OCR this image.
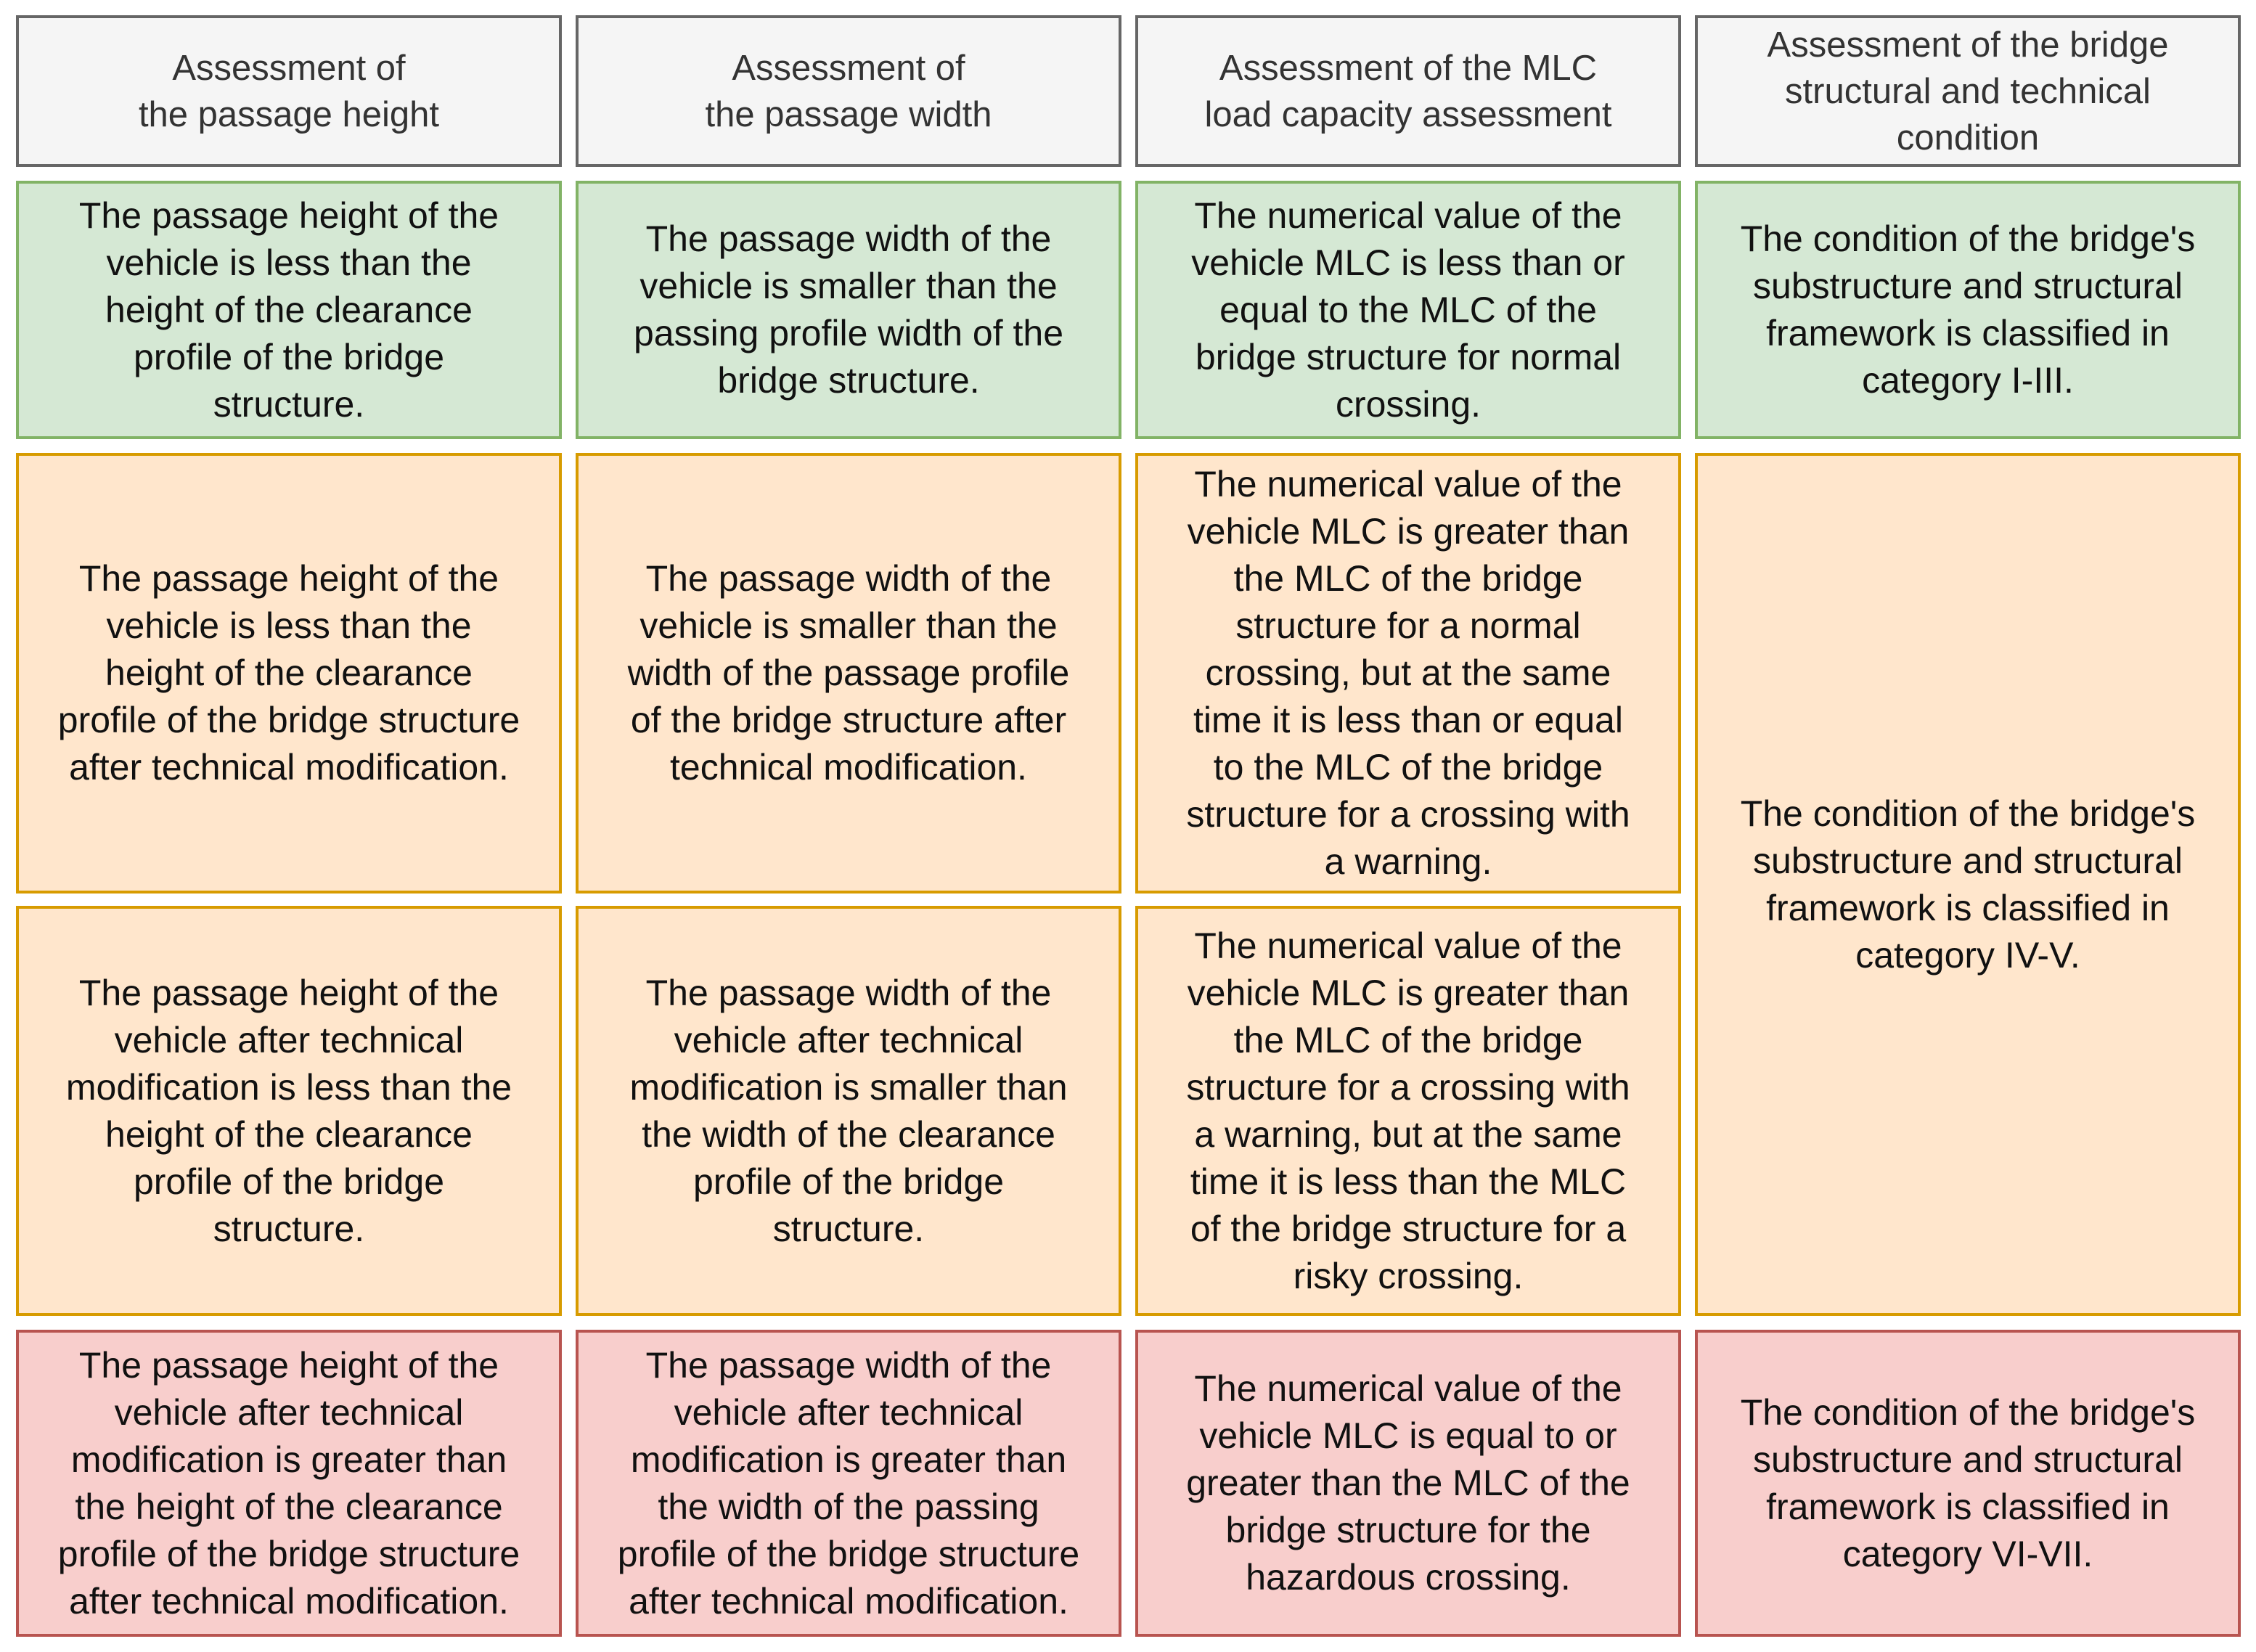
Assessment of
the passage height
Assessment of
the passage width
Assessment of the MLC
load capacity assessment
Assessment of the bridge
structural and technical
condition
The passage height of the
vehicle is less than the
height of the clearance
profile of the bridge
structure.
The passage width of the
vehicle is smaller than the
passing profile width of the
bridge structure.
The numerical value of the
vehicle MLC is less than or
equal to the MLC of the
bridge structure for normal
crossing.
The condition of the bridge's
substructure and structural
framework is classified in
category I-III.
The passage height of the
vehicle is less than the
height of the clearance
profile of the bridge structure
after technical modification.
The passage width of the
vehicle is smaller than the
width of the passage profile
of the bridge structure after
technical modification.
The numerical value of the
vehicle MLC is greater than
the MLC of the bridge
structure for a normal
crossing, but at the same
time it is less than or equal
to the MLC of the bridge
structure for a crossing with
a warning.
The condition of the bridge's
substructure and structural
framework is classified in
category IV-V.
The passage height of the
vehicle after technical
modification is less than the
height of the clearance
profile of the bridge
structure.
The passage width of the
vehicle after technical
modification is smaller than
the width of the clearance
profile of the bridge
structure.
The numerical value of the
vehicle MLC is greater than
the MLC of the bridge
structure for a crossing with
a warning, but at the same
time it is less than the MLC
of the bridge structure for a
risky crossing.
The passage height of the
vehicle after technical
modification is greater than
the height of the clearance
profile of the bridge structure
after technical modification.
The passage width of the
vehicle after technical
modification is greater than
the width of the passing
profile of the bridge structure
after technical modification.
The numerical value of the
vehicle MLC is equal to or
greater than the MLC of the
bridge structure for the
hazardous crossing.
The condition of the bridge's
substructure and structural
framework is classified in
category VI-VII.
